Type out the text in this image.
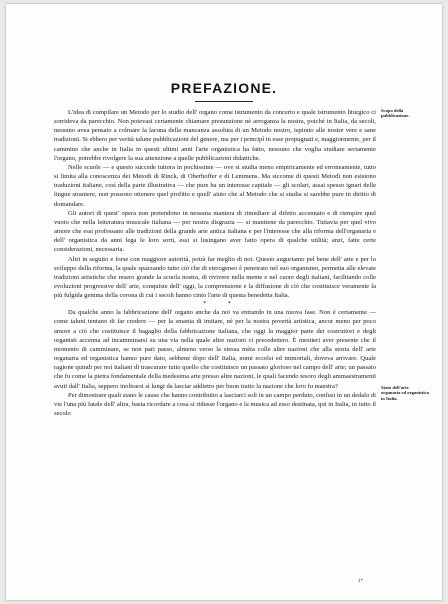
PREFAZIONE.

L'idea di compilare un Metodo per lo studio dell' organo come istrumento da concerto e quale istrumento liturgico ci sorrideva da parecchio. Non potevasi certamente chiamare presunzione nè arroganza la nostra, poichè in Italia, da secoli, nessuno avea pensato a colmare la lacuna della mancanza assoluta di un Metodo nostro, ispirato alle nostre vere e sane tradizioni. Si ebbero per verità talune pubblicazioni del genere, ma per i principî in esse propugnati e, maggiormente, per il cammino che anche in Italia in questi ultimi anni l'arte organistica ha fatto, nessuno che voglia studiare seriamente l'organo, potrebbe rivolgere la sua attenzione a quelle pubblicazioni didattiche.

Nelle scuole — e questo succede tuttora in pochissime — ove si studia meno empiricamente ed erroneamente, tutto si limita alla conoscenza dei Metodi di Rinck, di Oberhoffer e di Lemmens. Ma siccome di questi Metodi non esistono traduzioni italiane, così della parte illustrativa — che pure ha un interesse capitale — gli scolari, assai spesso ignari delle lingue straniere, non possono ottenere quel profitto e quell' aiuto che al Metodo che si studia si sarebbe pure in diritto di domandare.

Gli autori di quest' opera non pretendono in nessuna maniera di rimediare al difetto accennato e di riempire quel vuoto che nella letteratura musicale italiana — per nostra disgrazia — si mantiene da parecchio. Tuttavia per quel vivo amore che essi professano alle tradizioni della grande arte antica italiana e per l'interesse che alla riforma dell'organaria e dell' organistica da anni lega le loro sorti, essi si lusingano aver fatto opera di qualche utilità; anzi, fatte certe considerazioni, necessaria.

Altri in seguito e forse con maggiore autorità, potrà far meglio di noi. Questo auguriamo pel bene dell' arte e per lo sviluppo della riforma, la quale spazzando tutto ciò che di eterogeneo è penetrato nel suo organismo, permetta alle elevate tradizioni artistiche che resero grande la scuola nostra, di rivivere nella mente e nel cuore degli italiani, facilitando colle evoluzioni progressive dell' arte, conquiste dell' oggi, la comprensione e la diffusione di ciò che costituisce veramente la più fulgida gemma della corona di cui i secoli hanno cinto l'arte di questa benedetta Italia.

* *

Da qualche anno la fabbricazione dell' organo anche da noi va entrando in una nuova fase. Non è certamente — come taluni tentano di far credere — per la smania di imitare, nè per la nostra povertà artistica, ancor meno per poco amore a ciò che costituisce il bagaglio della fabbricazione italiana, che oggi la maggior parte dei costruttori e degli organisti accenna ad incamminarsi su una via nella quale altre nazioni ci precedettero. È mestieri aver presente che il momento di camminare, se non pari passo, almeno verso la stessa mèta colle altre nazioni che alla storia dell' arte organaria ed organistica hanno pure dato, sebbene dopo dell' Italia, nomi eccelsi ed immortali, doveva arrivare. Quale ragione quindi per noi italiani di trascurare tutto quello che costituisce un passato glorioso nel campo dell' arte; un passato che fu come la pietra fondamentale della medesima arte presso altre nazioni, le quali facendo tesoro degli ammaestramenti avuti dall' Italia, seppero inoltrarsi sì lungi da lasciar addietro per buon tratto la nazione che loro fu maestra?

Per dimostrare quali siano le cause che hanno contribuito a lasciarci soli in un campo perduto, confusi in un dedalo di vie l'una più fatale dell' altra, basta ricordare a cosa si ridusse l'organo e la musica ad esso destinata, qui in Italia, in tutto il secolo

Scopo della pubblicazione.
Stato dell'arte organaria ed organistica in Italia.
1*
